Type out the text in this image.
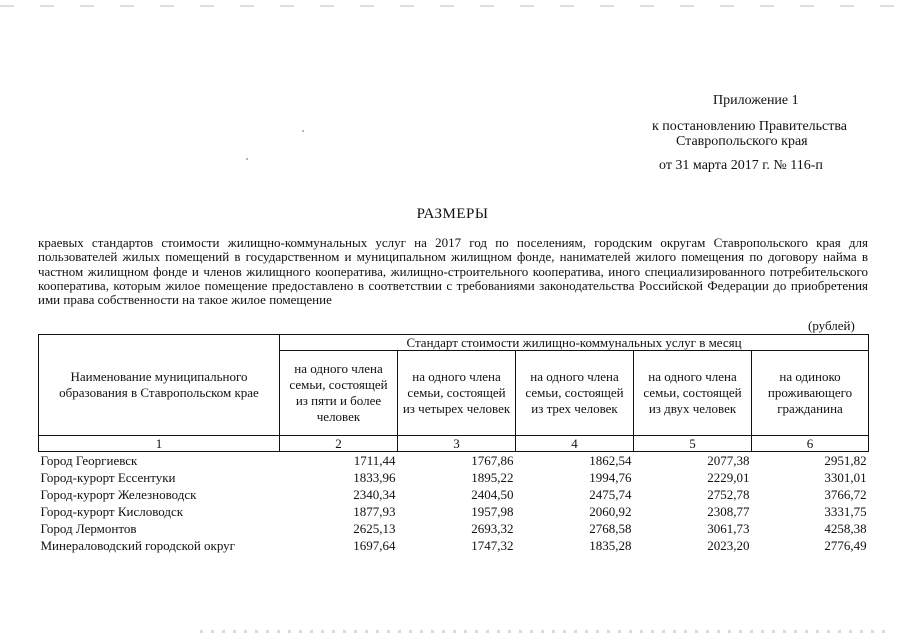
Приложение 1
к постановлению Правительства
Ставропольского края
от 31 марта 2017 г. № 116-п
РАЗМЕРЫ
краевых стандартов стоимости жилищно-коммунальных услуг на 2017 год по поселениям, городским округам Ставропольского края для пользователей жилых помещений в государственном и муниципальном жилищном фонде, нанимателей жилого помещения по договору найма в частном жилищном фонде и членов жилищного кооператива, жилищно-строительного кооператива, иного специализированного потребительского кооператива, которым жилое помещение предоставлено в соответствии с требованиями законодательства Российской Федерации до приобретения ими права собственности на такое жилое помещение
(рублей)
Наименование муниципального образования в Ставропольском крае	Стандарт стоимости жилищно-коммунальных услуг в месяц				
	на одного члена семьи, состоящей из пяти и более человек	на одного члена семьи, состоящей из четырех человек	на одного члена семьи, состоящей из трех человек	на одного члена семьи, состоящей из двух человек	на одиноко проживающего гражданина
1	2	3	4	5	6
Город Георгиевск	1711,44	1767,86	1862,54	2077,38	2951,82
Город-курорт Ессентуки	1833,96	1895,22	1994,76	2229,01	3301,01
Город-курорт Железноводск	2340,34	2404,50	2475,74	2752,78	3766,72
Город-курорт Кисловодск	1877,93	1957,98	2060,92	2308,77	3331,75
Город Лермонтов	2625,13	2693,32	2768,58	3061,73	4258,38
Минераловодский городской округ	1697,64	1747,32	1835,28	2023,20	2776,49
